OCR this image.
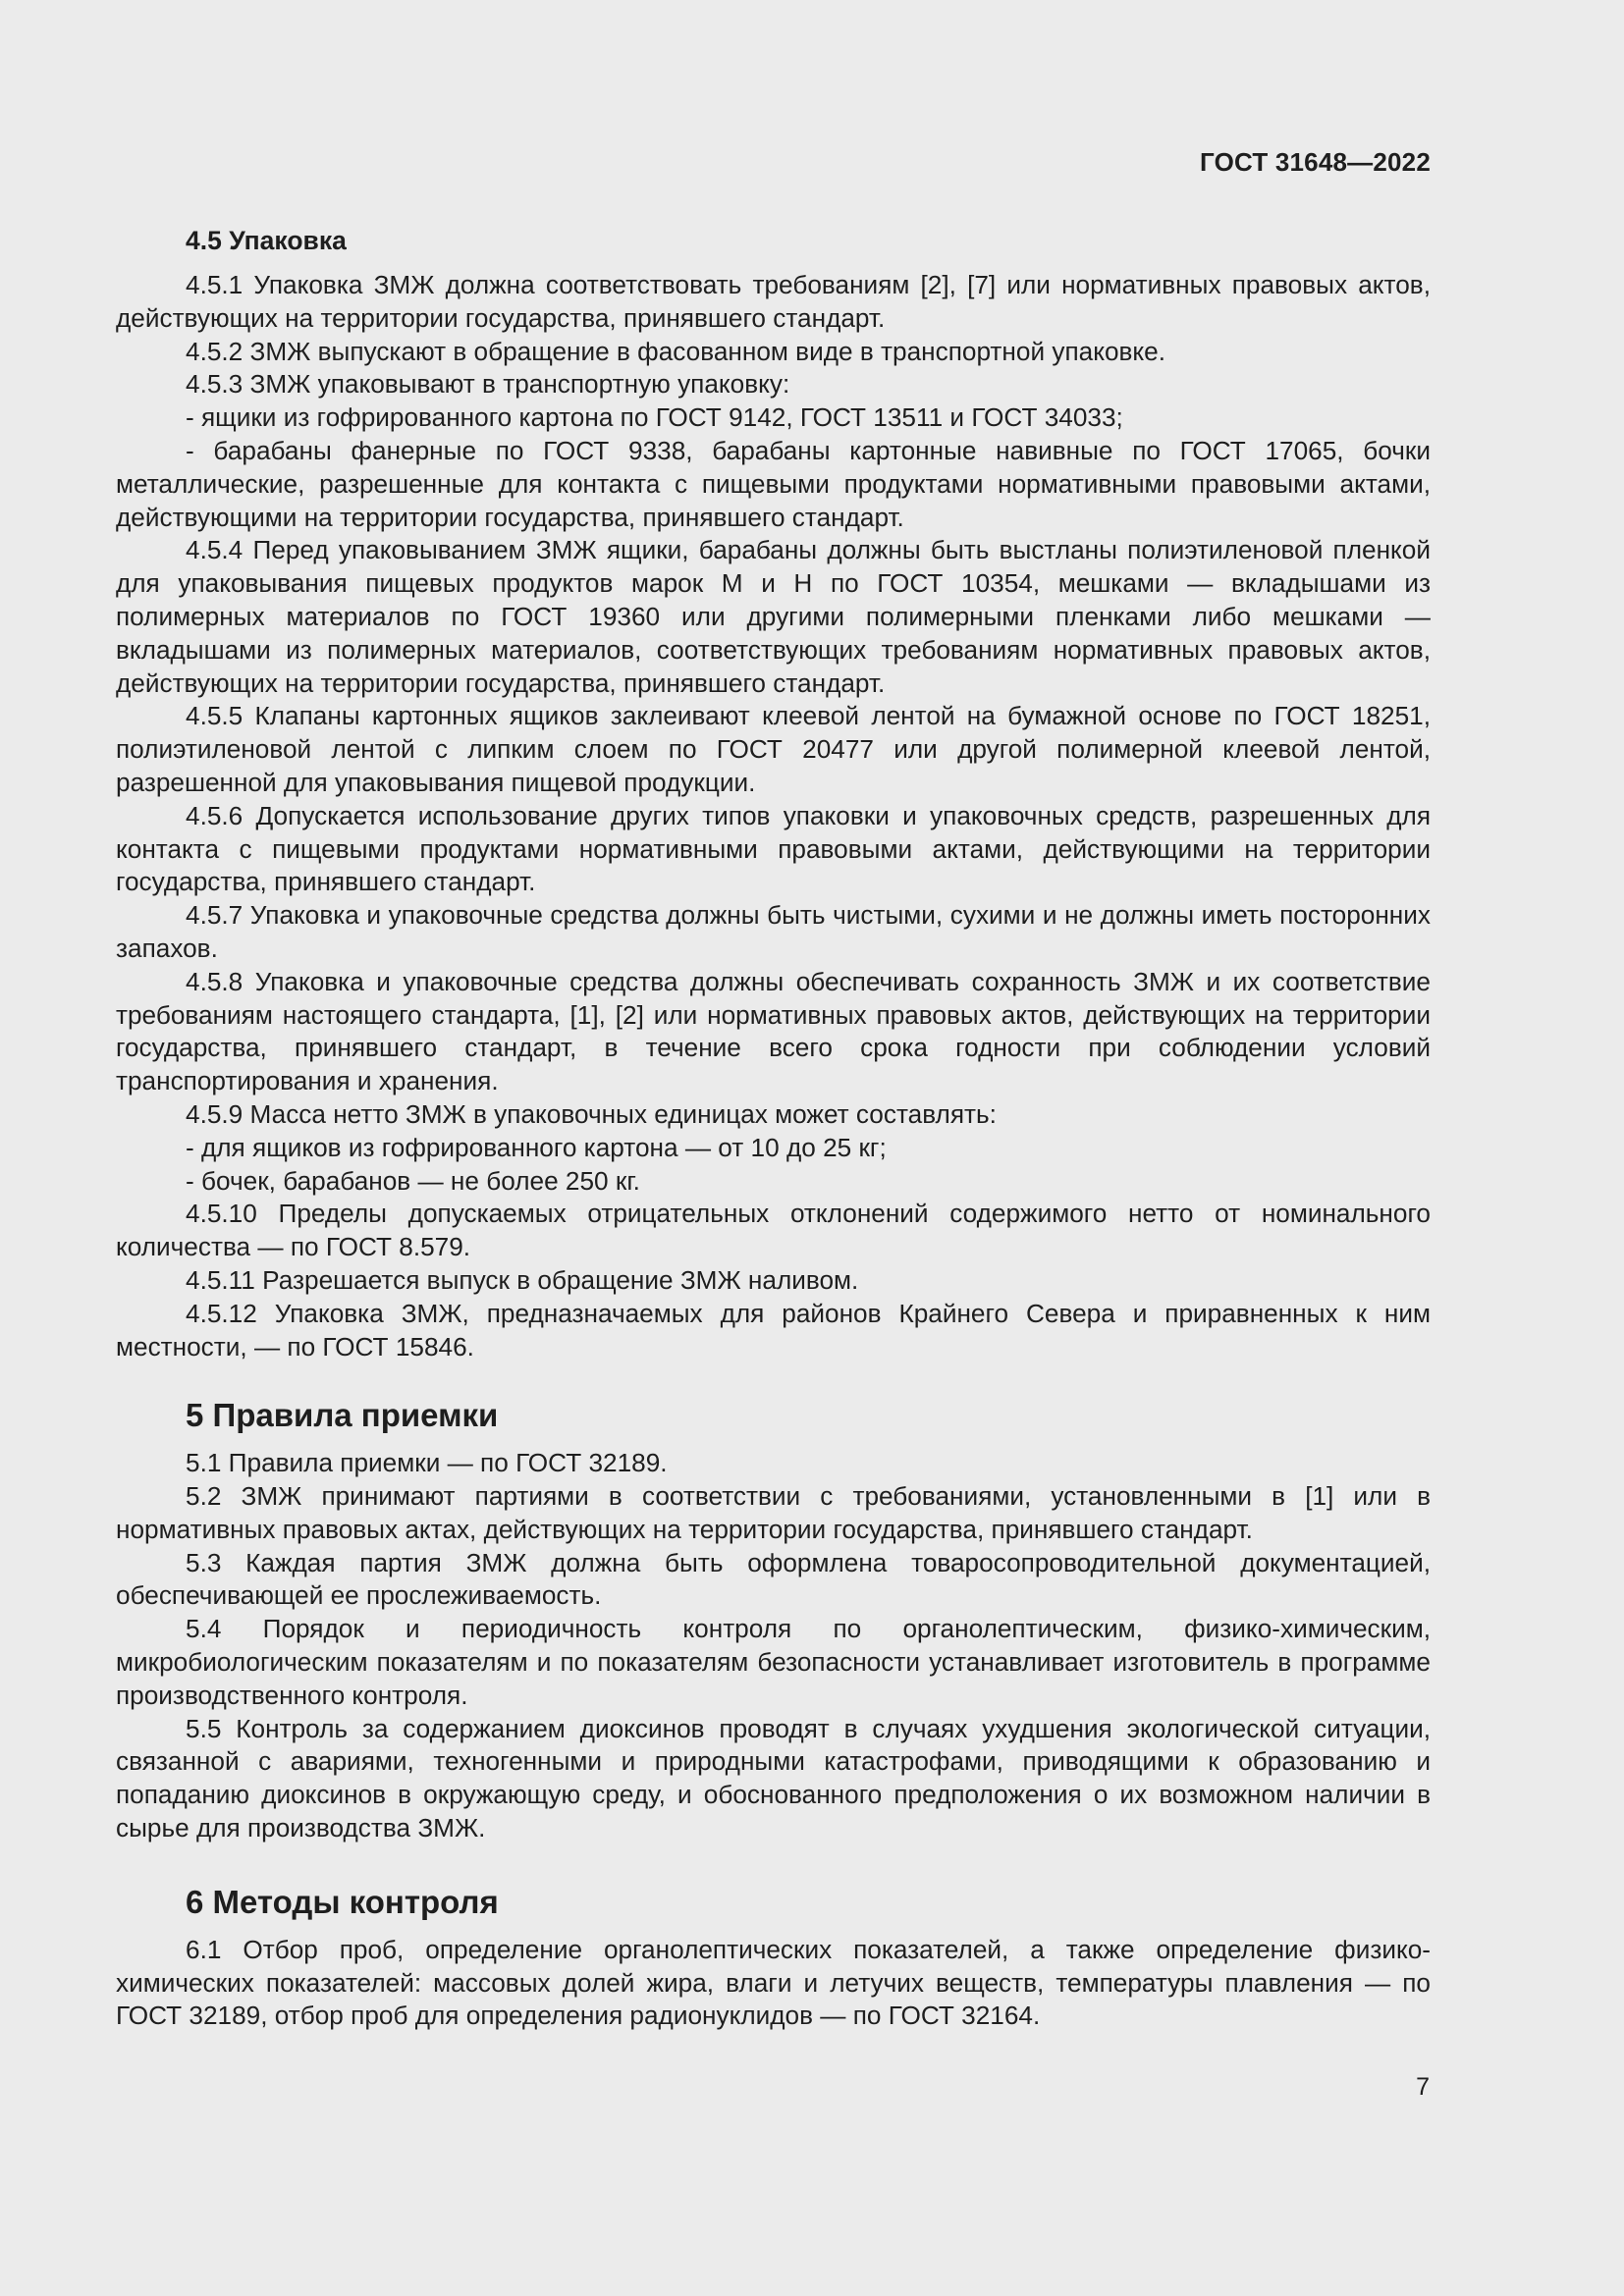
ГОСТ 31648—2022
4.5 Упаковка

4.5.1 Упаковка ЗМЖ должна соответствовать требованиям [2], [7] или нормативных правовых актов, действующих на территории государства, принявшего стандарт.

4.5.2 ЗМЖ выпускают в обращение в фасованном виде в транспортной упаковке.

4.5.3 ЗМЖ упаковывают в транспортную упаковку:

- ящики из гофрированного картона по ГОСТ 9142, ГОСТ 13511 и ГОСТ 34033;

- барабаны фанерные по ГОСТ 9338, барабаны картонные навивные по ГОСТ 17065, бочки металлические, разрешенные для контакта с пищевыми продуктами нормативными правовыми актами, действующими на территории государства, принявшего стандарт.

4.5.4 Перед упаковыванием ЗМЖ ящики, барабаны должны быть выстланы полиэтиленовой пленкой для упаковывания пищевых продуктов марок М и Н по ГОСТ 10354, мешками — вкладышами из полимерных материалов по ГОСТ 19360 или другими полимерными пленками либо мешками — вкладышами из полимерных материалов, соответствующих требованиям нормативных правовых актов, действующих на территории государства, принявшего стандарт.

4.5.5 Клапаны картонных ящиков заклеивают клеевой лентой на бумажной основе по ГОСТ 18251, полиэтиленовой лентой с липким слоем по ГОСТ 20477 или другой полимерной клеевой лентой, разрешенной для упаковывания пищевой продукции.

4.5.6 Допускается использование других типов упаковки и упаковочных средств, разрешенных для контакта с пищевыми продуктами нормативными правовыми актами, действующими на территории государства, принявшего стандарт.

4.5.7 Упаковка и упаковочные средства должны быть чистыми, сухими и не должны иметь посторонних запахов.

4.5.8 Упаковка и упаковочные средства должны обеспечивать сохранность ЗМЖ и их соответствие требованиям настоящего стандарта, [1], [2] или нормативных правовых актов, действующих на территории государства, принявшего стандарт, в течение всего срока годности при соблюдении условий транспортирования и хранения.

4.5.9 Масса нетто ЗМЖ в упаковочных единицах может составлять:

- для ящиков из гофрированного картона — от 10 до 25 кг;

- бочек, барабанов — не более 250 кг.

4.5.10 Пределы допускаемых отрицательных отклонений содержимого нетто от номинального количества — по ГОСТ 8.579.

4.5.11 Разрешается выпуск в обращение ЗМЖ наливом.

4.5.12 Упаковка ЗМЖ, предназначаемых для районов Крайнего Севера и приравненных к ним местности, — по ГОСТ 15846.

5 Правила приемки

5.1 Правила приемки — по ГОСТ 32189.

5.2 ЗМЖ принимают партиями в соответствии с требованиями, установленными в [1] или в нормативных правовых актах, действующих на территории государства, принявшего стандарт.

5.3 Каждая партия ЗМЖ должна быть оформлена товаросопроводительной документацией, обеспечивающей ее прослеживаемость.

5.4 Порядок и периодичность контроля по органолептическим, физико-химическим, микробиологическим показателям и по показателям безопасности устанавливает изготовитель в программе производственного контроля.

5.5 Контроль за содержанием диоксинов проводят в случаях ухудшения экологической ситуации, связанной с авариями, техногенными и природными катастрофами, приводящими к образованию и попаданию диоксинов в окружающую среду, и обоснованного предположения о их возможном наличии в сырье для производства ЗМЖ.

6 Методы контроля

6.1 Отбор проб, определение органолептических показателей, а также определение физико-химических показателей: массовых долей жира, влаги и летучих веществ, температуры плавления — по ГОСТ 32189, отбор проб для определения радионуклидов — по ГОСТ 32164.

7
